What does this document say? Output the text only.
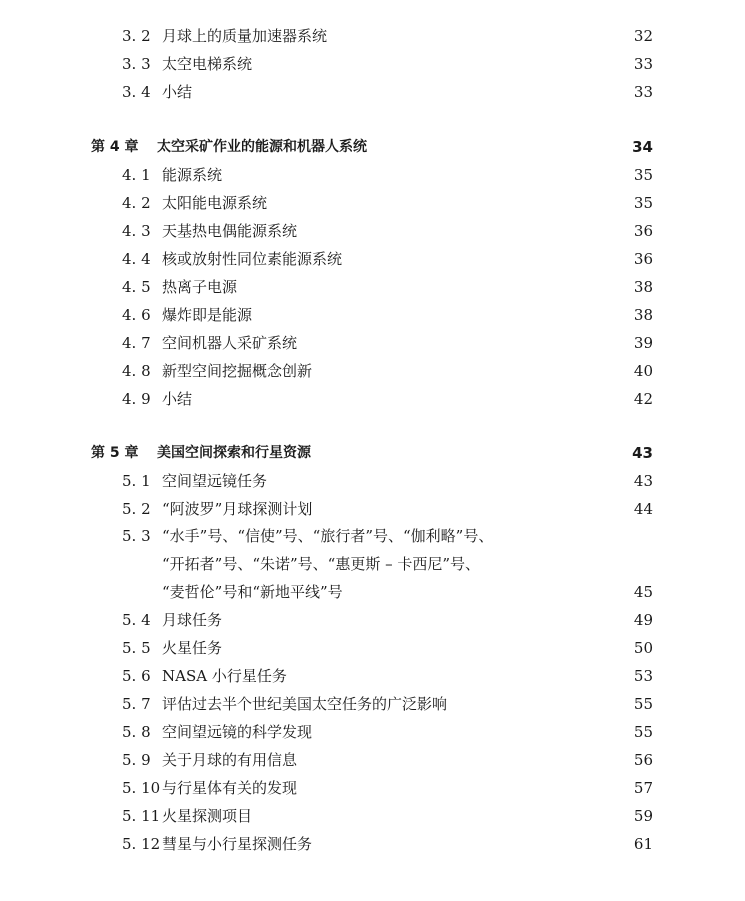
3. 2 月球上的质量加速器系统	32
3. 3 太空电梯系统	33
3. 4 小结	33
第 4 章 太空采矿作业的能源和机器人系统	34
4. 1 能源系统	35
4. 2 太阳能电源系统	35
4. 3 天基热电偶能源系统	36
4. 4 核或放射性同位素能源系统	36
4. 5 热离子电源	38
4. 6 爆炸即是能源	38
4. 7 空间机器人采矿系统	39
4. 8 新型空间挖掘概念创新	40
4. 9 小结	42
第 5 章 美国空间探索和行星资源	43
5. 1 空间望远镜任务	43
5. 2 “阿波罗”月球探测计划	44
5. 3 “水手”号、“信使”号、“旅行者”号、“伽利略”号、
“开拓者”号、“朱诺”号、“惠更斯 – 卡西尼”号、
“麦哲伦”号和“新地平线”号	45
5. 4 月球任务	49
5. 5 火星任务	50
5. 6 NASA 小行星任务	53
5. 7 评估过去半个世纪美国太空任务的广泛影响	55
5. 8 空间望远镜的科学发现	55
5. 9 关于月球的有用信息	56
5. 10 与行星体有关的发现	57
5. 11 火星探测项目	59
5. 12 彗星与小行星探测任务	61
